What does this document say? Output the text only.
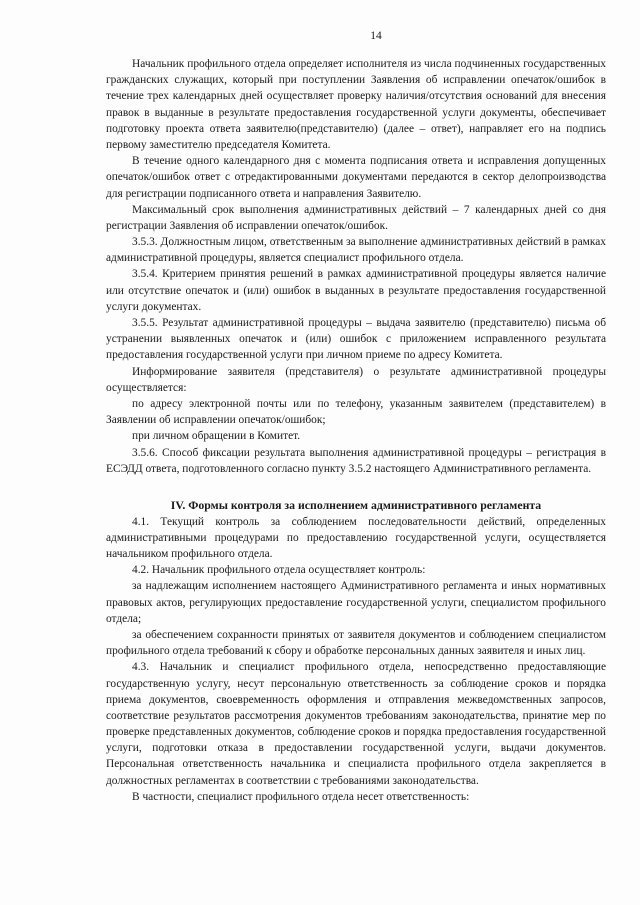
14

Начальник профильного отдела определяет исполнителя из числа подчиненных государственных гражданских служащих, который при поступлении Заявления об исправлении опечаток/ошибок в течение трех календарных дней осуществляет проверку наличия/отсутствия оснований для внесения правок в выданные в результате предоставления государственной услуги документы, обеспечивает подготовку проекта ответа заявителю(представителю) (далее – ответ), направляет его на подпись первому заместителю председателя Комитета.

В течение одного календарного дня с момента подписания ответа и исправления допущенных опечаток/ошибок ответ с отредактированными документами передаются в сектор делопроизводства для регистрации подписанного ответа и направления Заявителю.

Максимальный срок выполнения административных действий – 7 календарных дней со дня регистрации Заявления об исправлении опечаток/ошибок.

3.5.3. Должностным лицом, ответственным за выполнение административных действий в рамках административной процедуры, является специалист профильного отдела.

3.5.4. Критерием принятия решений в рамках административной процедуры является наличие или отсутствие опечаток и (или) ошибок в выданных в результате предоставления государственной услуги документах.

3.5.5. Результат административной процедуры – выдача заявителю (представителю) письма об устранении выявленных опечаток и (или) ошибок с приложением исправленного результата предоставления государственной услуги при личном приеме по адресу Комитета.

Информирование заявителя (представителя) о результате административной процедуры осуществляется:

по адресу электронной почты или по телефону, указанным заявителем (представителем) в Заявлении об исправлении опечаток/ошибок;

при личном обращении в Комитет.

3.5.6. Способ фиксации результата выполнения административной процедуры – регистрация в ЕСЭДД ответа, подготовленного согласно пункту 3.5.2 настоящего Административного регламента.

IV. Формы контроля за исполнением административного регламента

4.1. Текущий контроль за соблюдением последовательности действий, определенных административными процедурами по предоставлению государственной услуги, осуществляется начальником профильного отдела.

4.2. Начальник профильного отдела осуществляет контроль:

за надлежащим исполнением настоящего Административного регламента и иных нормативных правовых актов, регулирующих предоставление государственной услуги, специалистом профильного отдела;

за обеспечением сохранности принятых от заявителя документов и соблюдением специалистом профильного отдела требований к сбору и обработке персональных данных заявителя и иных лиц.

4.3. Начальник и специалист профильного отдела, непосредственно предоставляющие государственную услугу, несут персональную ответственность за соблюдение сроков и порядка приема документов, своевременность оформления и отправления межведомственных запросов, соответствие результатов рассмотрения документов требованиям законодательства, принятие мер по проверке представленных документов, соблюдение сроков и порядка предоставления государственной услуги, подготовки отказа в предоставлении государственной услуги, выдачи документов. Персональная ответственность начальника и специалиста профильного отдела закрепляется в должностных регламентах в соответствии с требованиями законодательства.

В частности, специалист профильного отдела несет ответственность:
